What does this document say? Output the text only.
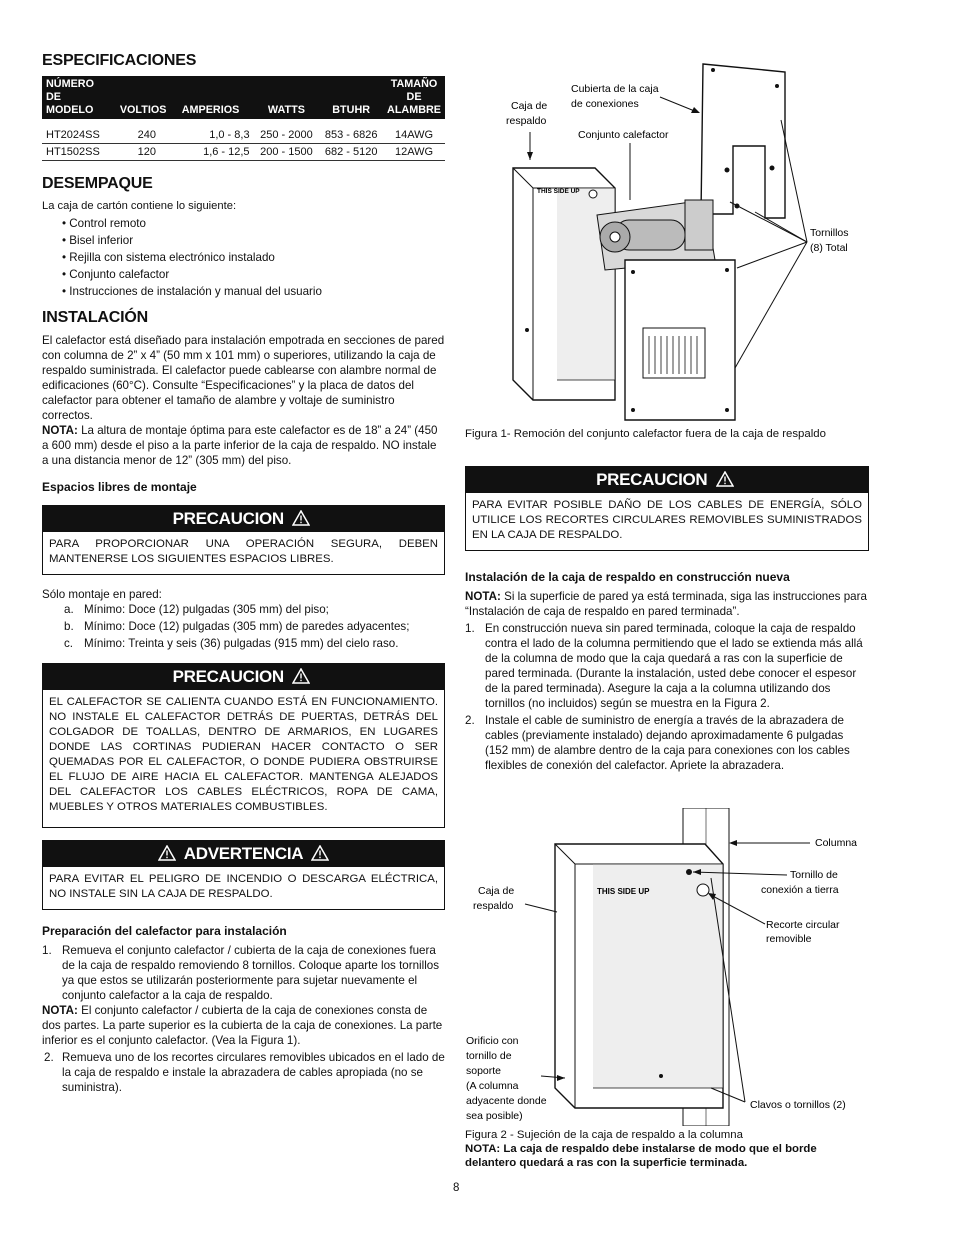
ESPECIFICACIONES
NÚMERO DE
MODELO	VOLTIOS	AMPERIOS	WATTS	BTUHR	TAMAÑO
DE ALAMBRE
HT2024SS	240	1,0 - 8,3	250 - 2000	853 - 6826	14AWG
HT1502SS	120	1,6 - 12,5	200 - 1500	682 - 5120	12AWG
DESEMPAQUE

La caja de cartón contiene lo siguiente:

• Control remoto
• Bisel inferior
• Rejilla con sistema electrónico instalado
• Conjunto calefactor
• Instrucciones de instalación y manual del usuario
INSTALACIÓN

El calefactor está diseñado para instalación empotrada en secciones de pared con columna de 2” x 4” (50 mm x 101 mm) o superiores, utilizando la caja de respaldo suministrada. El calefactor puede cablearse con alambre normal de edificaciones (60°C). Consulte “Especificaciones” y la placa de datos del calefactor para obtener el tamaño de alambre y voltaje de suministro correctos.

NOTA: La altura de montaje óptima para este calefactor es de 18” a 24” (450 a 600 mm) desde el piso a la parte inferior de la caja de respaldo. NO instale a una distancia menor de 12” (305 mm) del piso.

Espacios libres de montaje

PRECAUCION
PARA PROPORCIONAR UNA OPERACIÓN SEGURA, DEBEN MANTENERSE LOS SIGUIENTES ESPACIOS LIBRES.

Sólo montaje en pared:

a. Mínimo: Doce (12) pulgadas (305 mm) del piso;
b. Mínimo: Doce (12) pulgadas (305 mm) de paredes adyacentes;
c. Mínimo: Treinta y seis (36) pulgadas (915 mm) del cielo raso.
PRECAUCION
EL CALEFACTOR SE CALIENTA CUANDO ESTÁ EN FUNCIONAMIENTO. NO INSTALE EL CALEFACTOR DETRÁS DE PUERTAS, DETRÁS DEL COLGADOR DE TOALLAS, DENTRO DE ARMARIOS, EN LUGARES DONDE LAS CORTINAS PUDIERAN HACER CONTACTO O SER QUEMADAS POR EL CALEFACTOR, O DONDE PUDIERA OBSTRUIRSE EL FLUJO DE AIRE HACIA EL CALEFACTOR. MANTENGA ALEJADOS DEL CALEFACTOR LOS CABLES ELÉCTRICOS, ROPA DE CAMA, MUEBLES Y OTROS MATERIALES COMBUSTIBLES.
ADVERTENCIA
PARA EVITAR EL PELIGRO DE INCENDIO O DESCARGA ELÉCTRICA, NO INSTALE SIN LA CAJA DE RESPALDO.

Preparación del calefactor para instalación

1. Remueva el conjunto calefactor / cubierta de la caja de conexiones fuera de la caja de respaldo removiendo 8 tornillos. Coloque aparte los tornillos ya que estos se utilizarán posteriormente para sujetar nuevamente el conjunto calefactor a la caja de respaldo.

NOTA: El conjunto calefactor / cubierta de la caja de conexiones consta de dos partes. La parte superior es la cubierta de la caja de conexiones. La parte inferior es el conjunto calefactor. (Vea la Figura 1).

2. Remueva uno de los recortes circulares removibles ubicados en el lado de la caja de respaldo e instale la abrazadera de cables apropiada (no se suministra).
Caja de
respaldo
Cubierta de la caja
de conexiones
Conjunto calefactor
Tornillos
(8) Total
THIS SIDE UP

Figura 1- Remoción del conjunto calefactor fuera de la caja de respaldo

PRECAUCION
PARA EVITAR POSIBLE DAÑO DE LOS CABLES DE ENERGÍA, SÓLO UTILICE LOS RECORTES CIRCULARES REMOVIBLES SUMINISTRADOS EN LA CAJA DE RESPALDO.

Instalación de la caja de respaldo en construcción nueva

NOTA: Si la superficie de pared ya está terminada, siga las instrucciones para “Instalación de caja de respaldo en pared terminada”.

1. En construcción nueva sin pared terminada, coloque la caja de respaldo contra el lado de la columna permitiendo que el lado se extienda más allá de la columna de modo que la caja quedará a ras con la superficie de pared terminada. (Durante la instalación, usted debe conocer el espesor de la pared terminada). Asegure la caja a la columna utilizando dos tornillos (no incluidos) según se muestra en la Figura 2.
2. Instale el cable de suministro de energía a través de la abrazadera de cables (previamente instalado) dejando aproximadamente 6 pulgadas (152 mm) de alambre dentro de la caja para conexiones con los cables flexibles de conexión del calefactor. Apriete la abrazadera.
THIS SIDE UP
Columna
Tornillo de
conexión a tierra
Recorte circular
removible
Caja de
respaldo
Orificio con
tornillo de
soporte
(A columna
adyacente donde
sea posible)
Clavos o tornillos (2)

Figura 2 - Sujeción de la caja de respaldo a la columna

NOTA: La caja de respaldo debe instalarse de modo que el borde delantero quedará a ras con la superficie terminada.

8
